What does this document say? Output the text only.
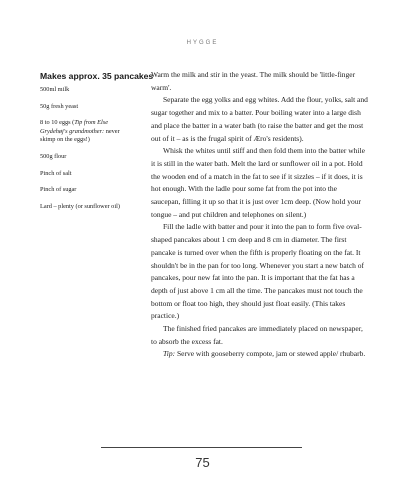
HYGGE
Makes approx. 35 pancakes
500ml milk
50g fresh yeast
8 to 10 eggs (Tip from Else Grydehøj's grandmother: never skimp on the eggs!)
500g flour
Pinch of salt
Pinch of sugar
Lard – plenty (or sunflower oil)

Warm the milk and stir in the yeast. The milk should be 'little-finger warm'.

Separate the egg yolks and egg whites. Add the flour, yolks, salt and sugar together and mix to a batter. Pour boiling water into a large dish and place the batter in a water bath (to raise the batter and get the most out of it – as is the frugal spirit of Æro's residents).

Whisk the whites until stiff and then fold them into the batter while it is still in the water bath. Melt the lard or sunflower oil in a pot. Hold the wooden end of a match in the fat to see if it sizzles – if it does, it is hot enough. With the ladle pour some fat from the pot into the saucepan, filling it up so that it is just over 1cm deep. (Now hold your tongue – and put children and telephones on silent.)

Fill the ladle with batter and pour it into the pan to form five oval-shaped pancakes about 1 cm deep and 8 cm in diameter. The first pancake is turned over when the fifth is properly floating on the fat. It shouldn't be in the pan for too long. Whenever you start a new batch of pancakes, pour new fat into the pan. It is important that the fat has a depth of just above 1 cm all the time. The pancakes must not touch the bottom or float too high, they should just float easily. (This takes practice.)

The finished fried pancakes are immediately placed on newspaper, to absorb the excess fat.

Tip: Serve with gooseberry compote, jam or stewed apple/ rhubarb.

75
